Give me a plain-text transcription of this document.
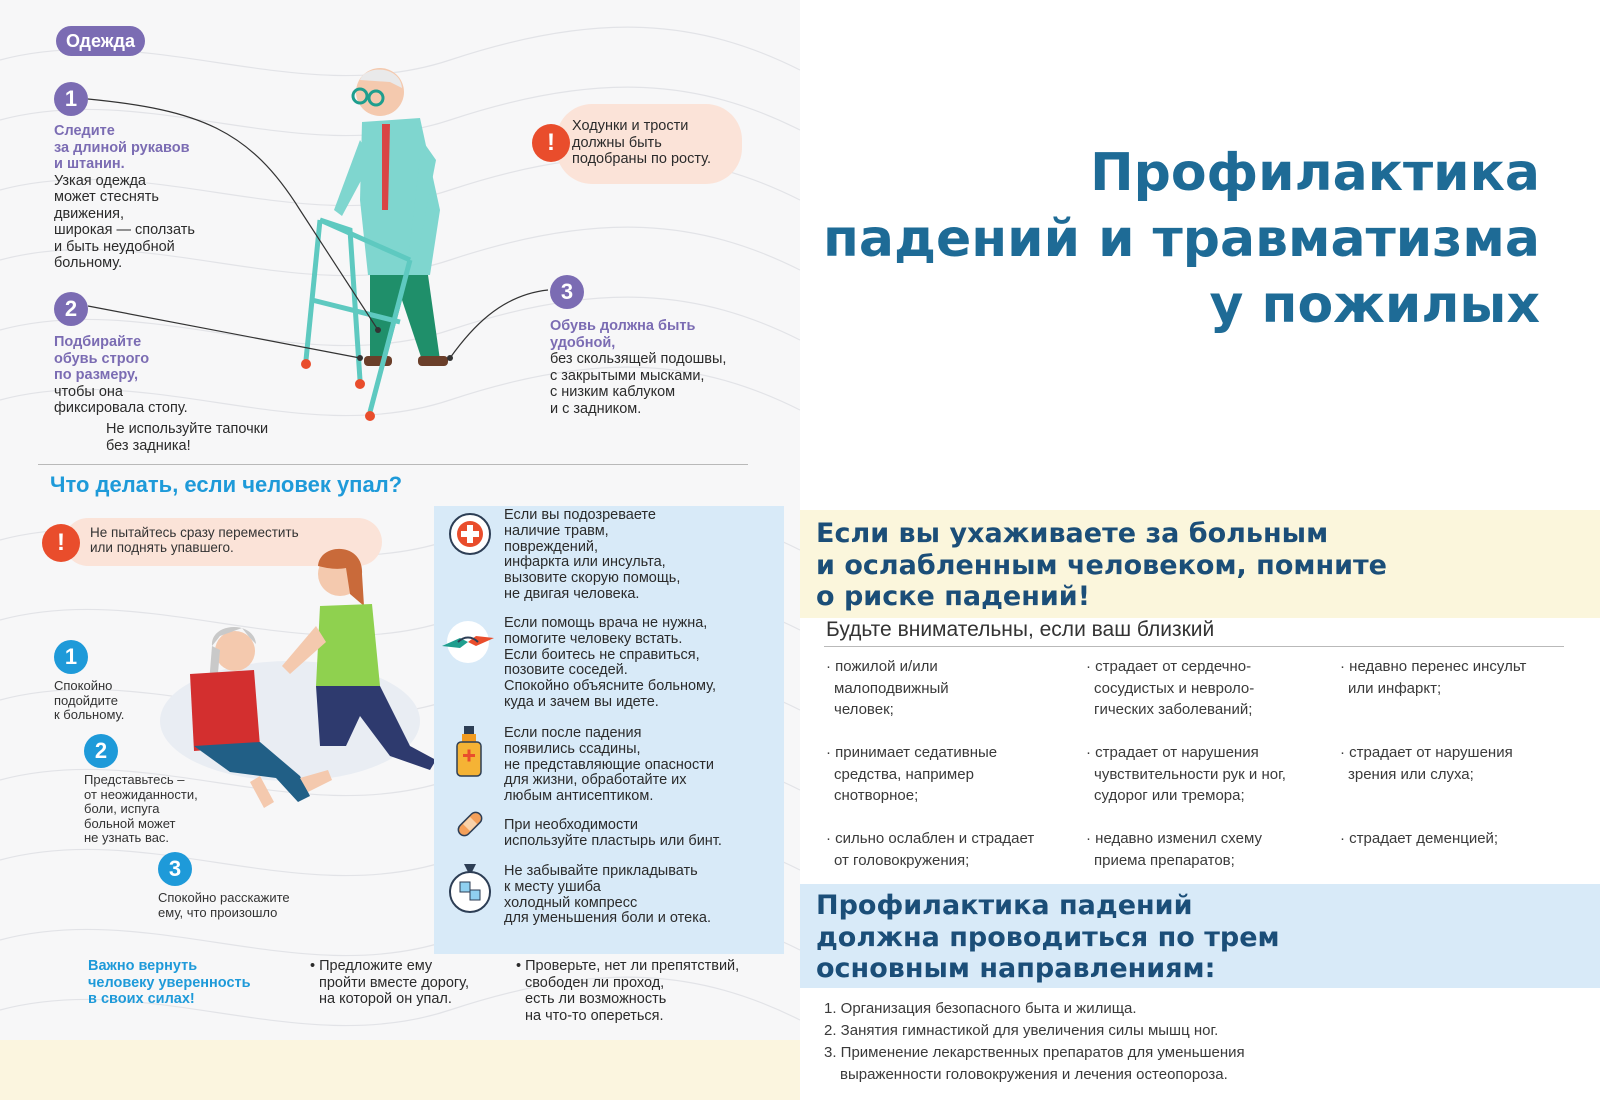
Одежда
1
Следите
за длиной рукавов
и штанин.
Узкая одежда
может стеснять
движения,
широкая — сползать
и быть неудобной
больному.
2
Подбирайте
обувь строго
по размеру,
чтобы она
фиксировала стопу.
Не используйте тапочки
без задника!
3
Обувь должна быть
удобной,
без скользящей подошвы,
с закрытыми мысками,
с низким каблуком
и с задником.
!
Ходунки и трости
должны быть
подобраны по росту.
Что делать, если человек упал?
!	Не пытайтесь сразу переместить
или поднять упавшего.
1
Спокойно
подойдите
к больному.
2
Представьтесь –
от неожиданности,
боли, испуга
больной может
не узнать вас.
3
Спокойно расскажите
ему, что произошло
Если вы подозреваете
наличие травм,
повреждений,
инфаркта или инсульта,
вызовите скорую помощь,
не двигая человека.
Если помощь врача не нужна,
помогите человеку встать.
Если боитесь не справиться,
позовите соседей.
Спокойно объясните больному,
куда и зачем вы идете.
Если после падения
появились ссадины,
не представляющие опасности
для жизни, обработайте их
любым антисептиком.
При необходимости
используйте пластырь или бинт.
Не забывайте прикладывать
к месту ушиба
холодный компресс
для уменьшения боли и отека.
Важно вернуть
человеку уверенность
в своих силах!
• Предложите ему
пройти вместе дорогу,
на которой он упал.
• Проверьте, нет ли препятствий,
свободен ли проход,
есть ли возможность
на что-то опереться.
Профилактика
падений и травматизма
у пожилых
Если вы ухаживаете за больным
и ослабленным человеком, помните
о риске падений!
Будьте внимательны, если ваш близкий
· пожилой и/или
малоподвижный
человек;
· страдает от сердечно-
сосудистых и невроло-
гических заболеваний;
· недавно перенес инсульт
или инфаркт;
· принимает седативные
средства, например
снотворное;
· страдает от нарушения
чувствительности рук и ног,
судорог или тремора;
· страдает от нарушения
зрения или слуха;
· сильно ослаблен и страдает
от головокружения;
· недавно изменил схему
приема препаратов;
· страдает деменцией;
Профилактика падений
должна проводиться по трем
основным направлениям:
1. Организация безопасного быта и жилища.
2. Занятия гимнастикой для увеличения силы мышц ног.
3. Применение лекарственных препаратов для уменьшения
выраженности головокружения и лечения остеопороза.
